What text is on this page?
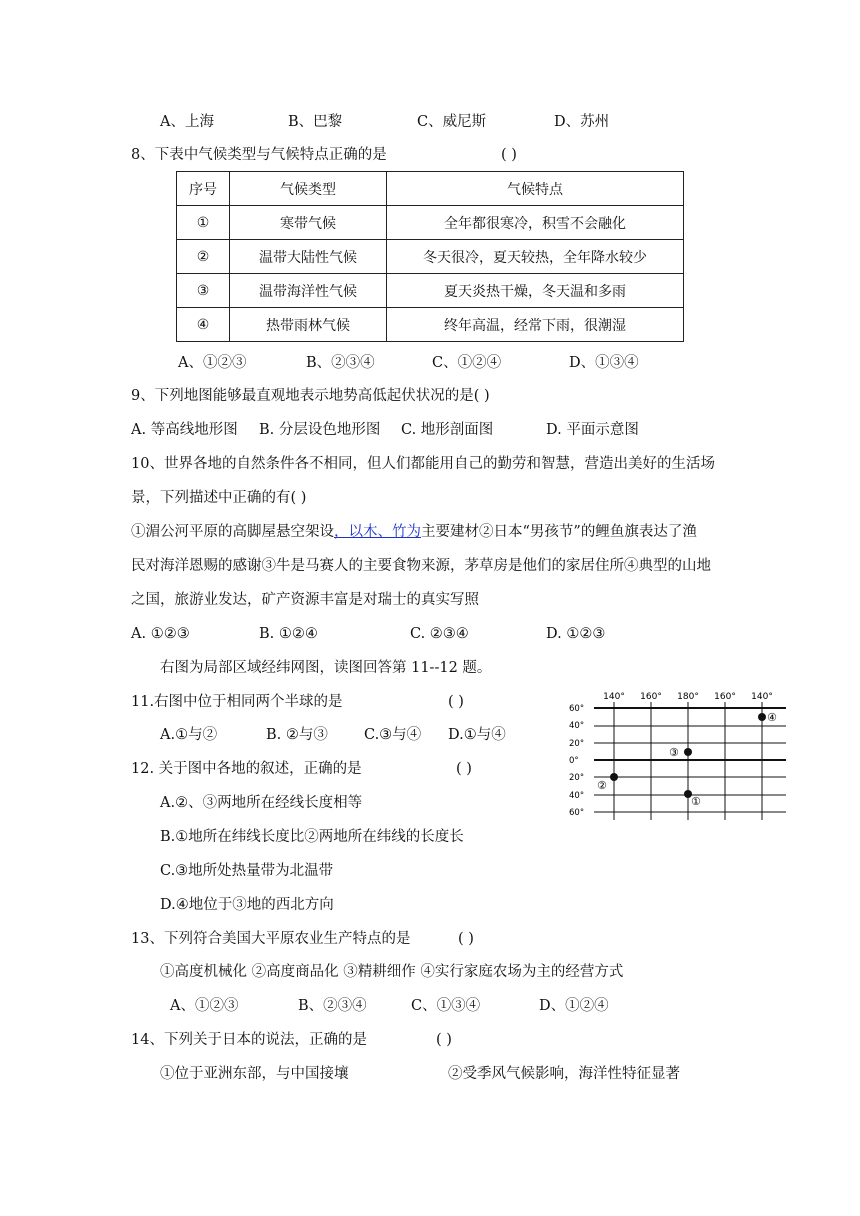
A、上海	B、巴黎	C、威尼斯	D、苏州
8、下表中气候类型与气候特点正确的是	( )
序号	气候类型	气候特点
①	寒带气候	全年都很寒冷，积雪不会融化
②	温带大陆性气候	冬天很冷，夏天较热，全年降水较少
③	温带海洋性气候	夏天炎热干燥，冬天温和多雨
④	热带雨林气候	终年高温，经常下雨，很潮湿
A、①②③	B、②③④	C、①②④	D、①③④
9、下列地图能够最直观地表示地势高低起伏状况的是( )
A. 等高线地形图 B. 分层设色地形图 C. 地形剖面图	D. 平面示意图
10、世界各地的自然条件各不相同，但人们都能用自己的勤劳和智慧，营造出美好的生活场
景，下列描述中正确的有( )
①湄公河平原的高脚屋悬空架设，以木、竹为主要建材②日本“男孩节”的鲤鱼旗表达了渔
民对海洋恩赐的感谢③牛是马赛人的主要食物来源，茅草房是他们的家居住所④典型的山地
之国，旅游业发达，矿产资源丰富是对瑞士的真实写照
A. ①②③	B. ①②④	C. ②③④	D. ①②③
右图为局部区域经纬网图，读图回答第 11--12 题。
11.右图中位于相同两个半球的是	( )
A.①与②	B. ②与③ C.③与④ D.①与④
12. 关于图中各地的叙述，正确的是	( )
A.②、③两地所在经线长度相等
B.①地所在纬线长度比②两地所在纬线的长度长
C.③地所处热量带为北温带
D.④地位于③地的西北方向
13、下列符合美国大平原农业生产特点的是	( )
①高度机械化 ②高度商品化 ③精耕细作 ④实行家庭农场为主的经营方式
A、①②③	B、②③④	C、①③④	D、①②④
14、下列关于日本的说法，正确的是	( )
①位于亚洲东部，与中国接壤	②受季风气候影响，海洋性特征显著
140° 160° 180° 160° 140°
60°
40°
20°
0°
20°
40°
60°
①
②
③
④
